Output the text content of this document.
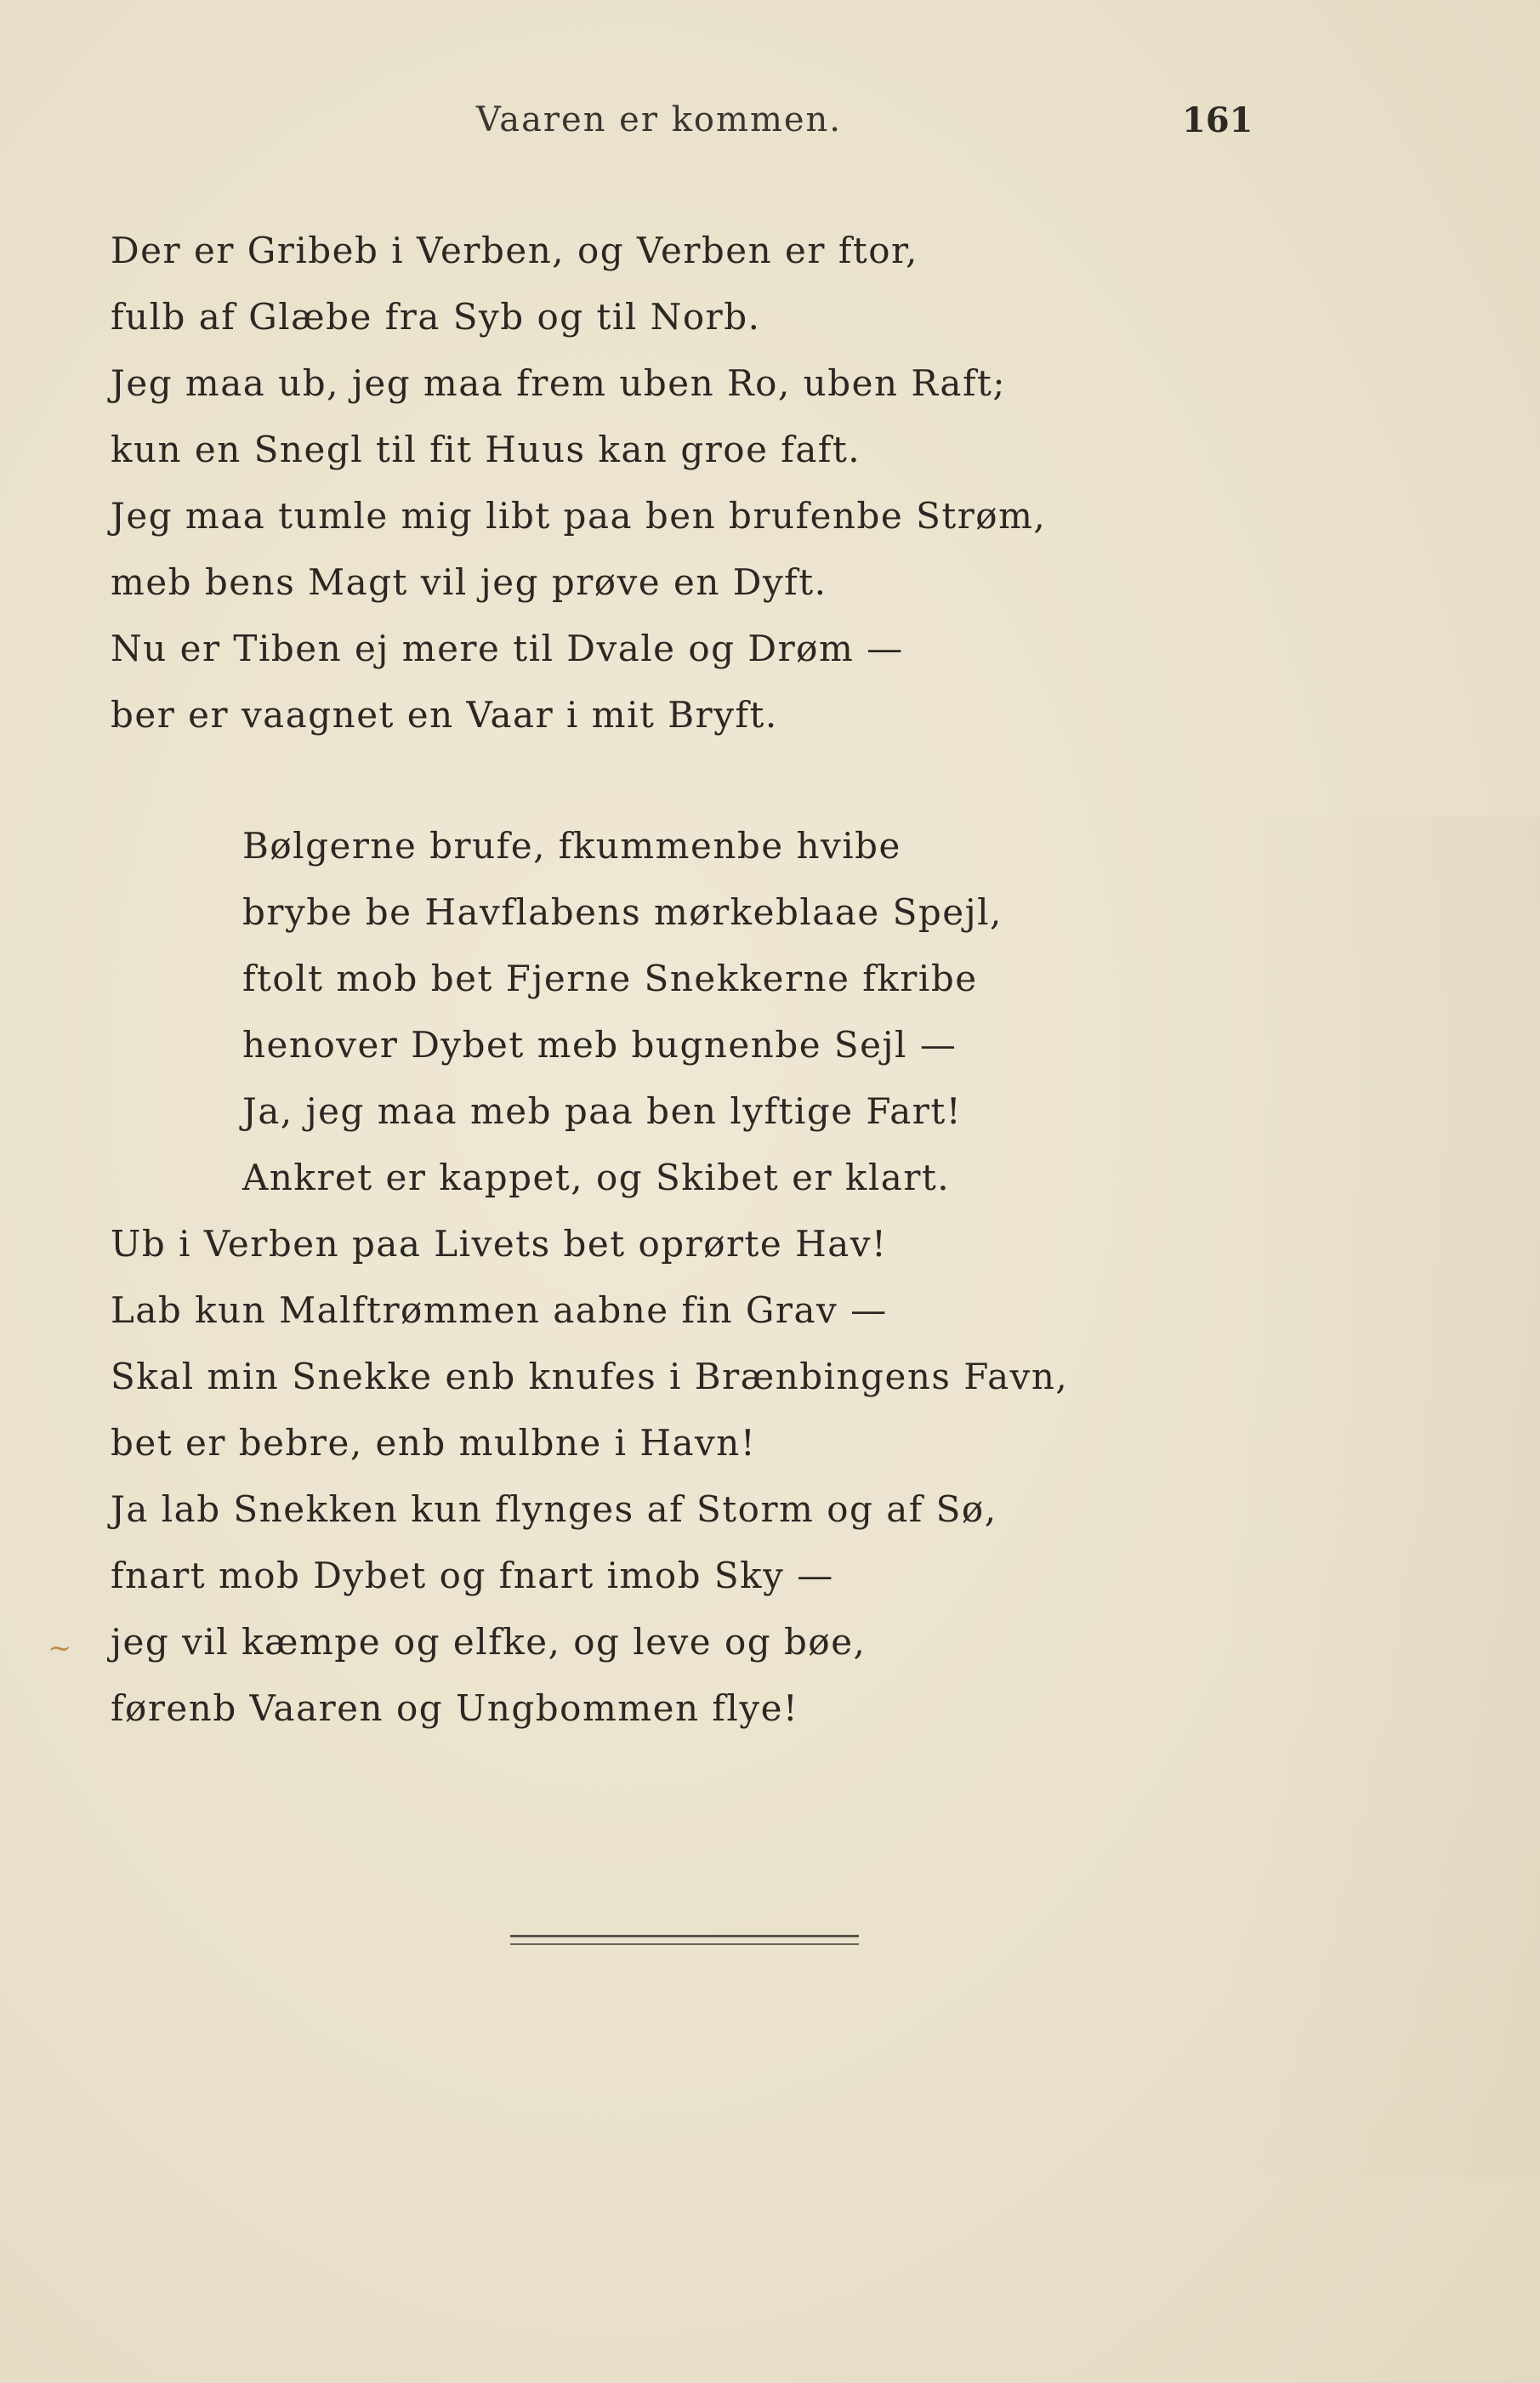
Vaaren er kommen.	161
Der er Gribeb i Verben, og Verben er ftor,
fulb af Glæbe fra Syb og til Norb.
Jeg maa ub, jeg maa frem uben Ro, uben Raft;
kun en Snegl til fit Huus kan groe faft.
Jeg maa tumle mig libt paa ben brufenbe Strøm,
meb bens Magt vil jeg prøve en Dyft.
Nu er Tiben ej mere til Dvale og Drøm —
ber er vaagnet en Vaar i mit Bryft.
Bølgerne brufe, fkummenbe hvibe
brybe be Havflabens mørkeblaae Spejl,
ftolt mob bet Fjerne Snekkerne fkribe
henover Dybet meb bugnenbe Sejl —
Ja, jeg maa meb paa ben lyftige Fart!
Ankret er kappet, og Skibet er klart.
Ub i Verben paa Livets bet oprørte Hav!
Lab kun Malftrømmen aabne fin Grav —
Skal min Snekke enb knufes i Brænbingens Favn,
bet er bebre, enb mulbne i Havn!
Ja lab Snekken kun flynges af Storm og af Sø,
fnart mob Dybet og fnart imob Sky —
jeg vil kæmpe og elfke, og leve og bøe,
førenb Vaaren og Ungbommen flye!
~
